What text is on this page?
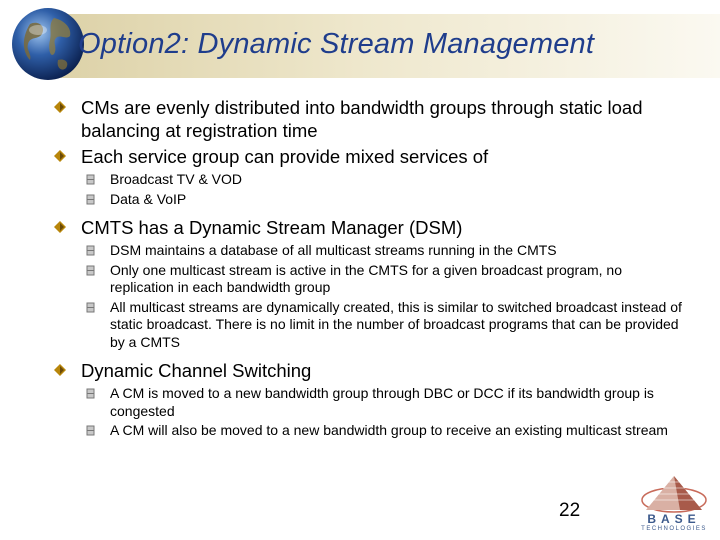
Option2: Dynamic Stream Management
CMs are evenly distributed into bandwidth groups through static load balancing at registration time
Each service group can provide mixed services of
Broadcast TV & VOD
Data & VoIP
CMTS has a Dynamic Stream Manager (DSM)
DSM maintains a database of all multicast streams running in the CMTS
Only one multicast stream is active in the CMTS for a given broadcast program, no replication in each bandwidth group
All multicast streams are dynamically created, this is similar to switched broadcast instead of static broadcast. There is no limit in the number of broadcast programs that can be provided by a CMTS
Dynamic Channel Switching
A CM is moved to a new bandwidth group through DBC or DCC if its bandwidth group is congested
A CM will also be moved to a new bandwidth group to receive an existing multicast stream
22	BASE
TECHNOLOGIES
